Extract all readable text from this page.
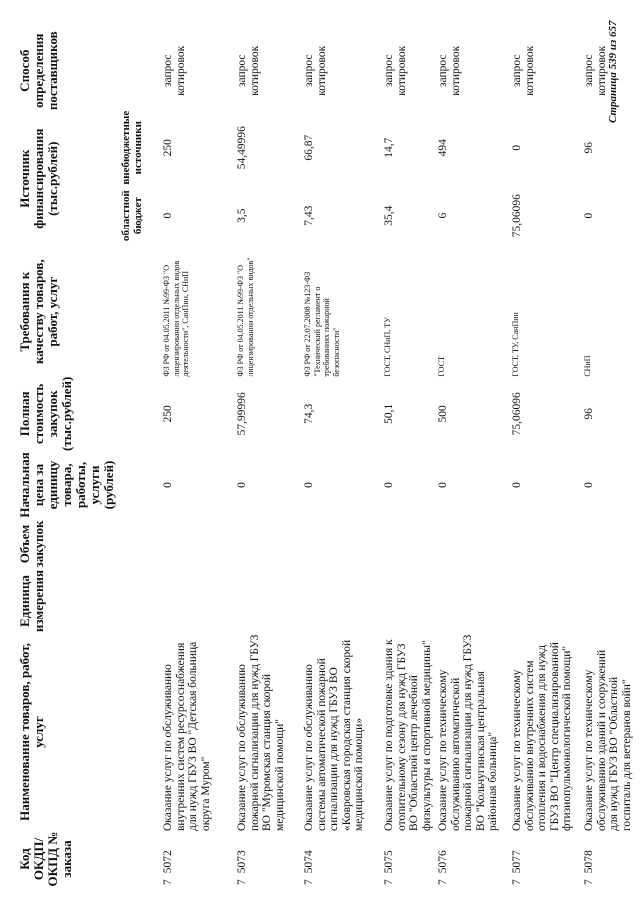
Код ОКДП/ ОКПД № заказа	Наименование товаров, работ, услуг	Единица измерения	Объем закупок	Начальная цена за единицу товара, работы, услуги (рублей)	Полная стоимость закупок (тыс.рублей)	Требования к качеству товаров, работ, услуг	Источник финансирования (тыс.рублей)		Способ определения поставщиков
							областной бюджет	внебюджетные источники	
75072	Оказание услуг по обслуживанию внутренних систем ресурсоснабжения для нужд ГБУЗ ВО "Детская больница округа Муром"			0	250	ФЗ РФ от 04.05.2011 №99-ФЗ "О лицензировании отдельных видов деятельности", СанПин, СНиП	0	250	запрос котировок
75073	Оказание услуг по обслуживанию пожарной сигнализации для нужд ГБУЗ ВО "Муромская станция скорой медицинской помощи"			0	57,99996	ФЗ РФ от 04.05.2011 №99-ФЗ "О лицензировании отдельных видов"	3,5	54,49996	запрос котировок
75074	Оказание услуг по обслуживанию системы автоматической пожарной сигнализации для нужд ГБУЗ ВО «Ковровская городская станция скорой медицинской помощи»			0	74,3	ФЗ РФ от 22.07.2008 №123-ФЗ "Технический регламент о требованиях пожарной безопасности"	7,43	66,87	запрос котировок
75075	Оказание услуг по подготовке здания к отопительному сезону для нужд ГБУЗ ВО "Областной центр лечебной физкультуры и спортивной медицины"			0	50,1	ГОСТ, СНиП, ТУ	35,4	14,7	запрос котировок
75076	Оказание услуг по техническому обслуживанию автоматической пожарной сигнализации для нужд ГБУЗ ВО "Кольчугинская центральная районная больница"			0	500	ГОСТ	6	494	запрос котировок
75077	Оказание услуг по техническому обслуживанию внутренних систем отопления и водоснабжения для нужд ГБУЗ ВО "Центр специализированной фтизиопульмонологической помощи"			0	75,06096	ГОСТ, ТУ, СанПин	75,06096	0	запрос котировок
75078	Оказание услуг по техническому обслуживанию зданий и сооружений для нужд ГБУЗ ВО "Областной госпиталь для ветеранов войн"			0	96	СНиП	0	96	запрос котировок Страница 539 из 657
